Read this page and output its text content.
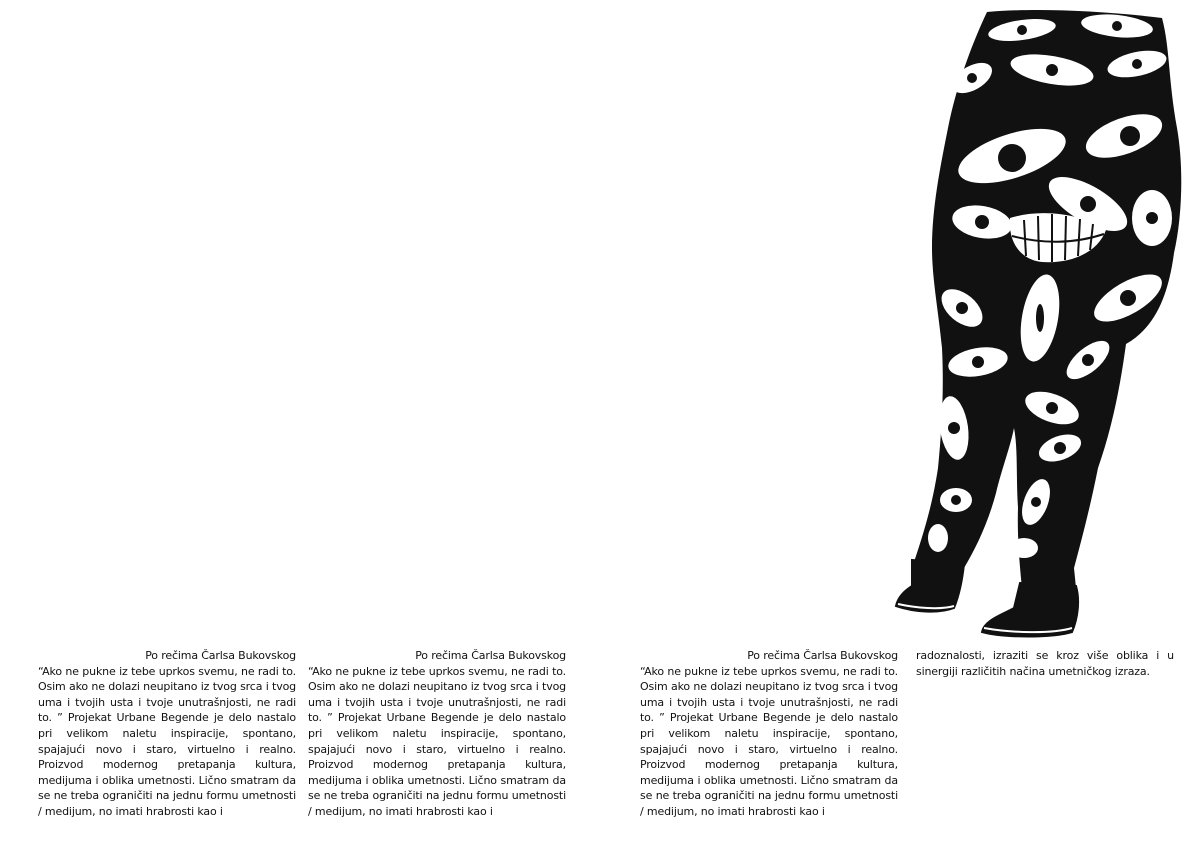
Po rečima Čarlsa Bukovskog

“Ako ne pukne iz tebe uprkos svemu, ne radi to. Osim ako ne dolazi neupitano iz tvog srca i tvog uma i tvojih usta i tvoje unutrašnjosti, ne radi to. ” Projekat Urbane Begende je delo nastalo pri velikom naletu inspiracije, spontano, spajajući novo i staro, virtuelno i realno. Proizvod modernog pretapanja kultura, medijuma i oblika umetnosti. Lično smatram da se ne treba ograničiti na jednu formu umetnosti / medijum, no imati hrabrosti kao i

Po rečima Čarlsa Bukovskog

“Ako ne pukne iz tebe uprkos svemu, ne radi to. Osim ako ne dolazi neupitano iz tvog srca i tvog uma i tvojih usta i tvoje unutrašnjosti, ne radi to. ” Projekat Urbane Begende je delo nastalo pri velikom naletu inspiracije, spontano, spajajući novo i staro, virtuelno i realno. Proizvod modernog pretapanja kultura, medijuma i oblika umetnosti. Lično smatram da se ne treba ograničiti na jednu formu umetnosti / medijum, no imati hrabrosti kao i

Po rečima Čarlsa Bukovskog

“Ako ne pukne iz tebe uprkos svemu, ne radi to. Osim ako ne dolazi neupitano iz tvog srca i tvog uma i tvojih usta i tvoje unutrašnjosti, ne radi to. ” Projekat Urbane Begende je delo nastalo pri velikom naletu inspiracije, spontano, spajajući novo i staro, virtuelno i realno. Proizvod modernog pretapanja kultura, medijuma i oblika umetnosti. Lično smatram da se ne treba ograničiti na jednu formu umetnosti / medijum, no imati hrabrosti kao i

radoznalosti, izraziti se kroz više oblika i u sinergiji različitih načina umetničkog izraza.
